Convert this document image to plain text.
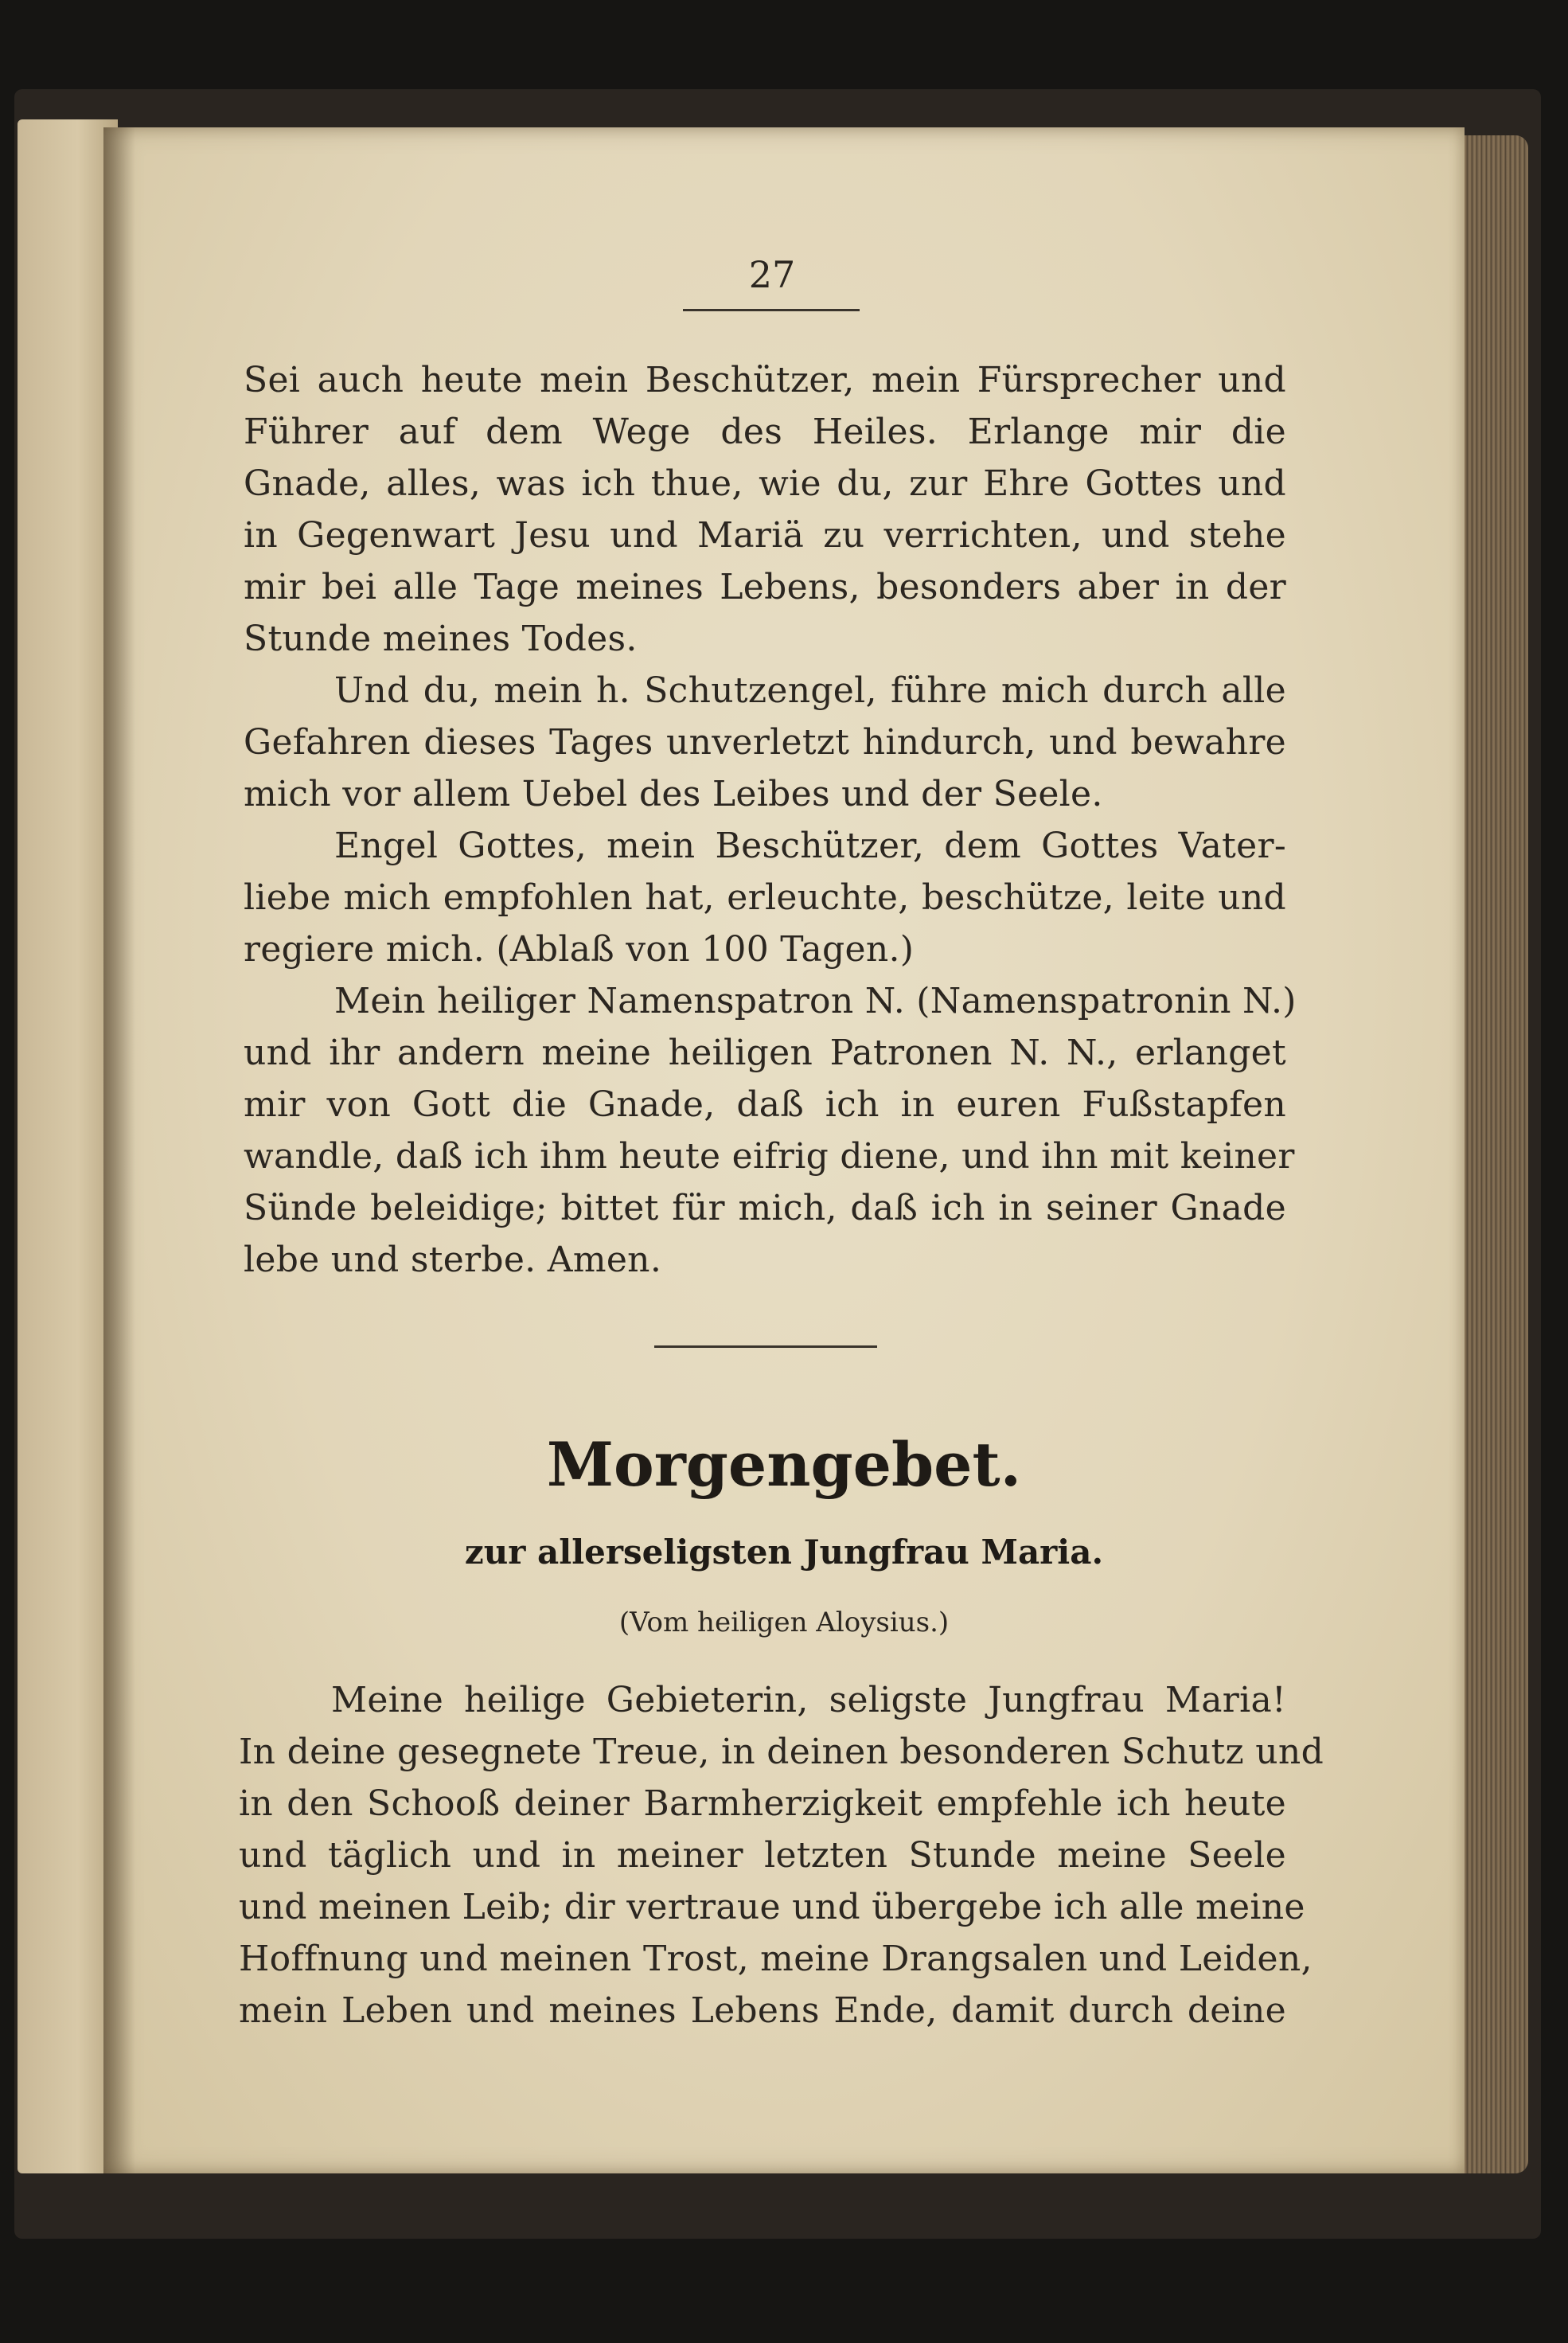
27
Sei auch heute mein Beschützer, mein Fürsprecher und
Führer auf dem Wege des Heiles. Erlange mir die
Gnade, alles, was ich thue, wie du, zur Ehre Gottes und
in Gegenwart Jesu und Mariä zu verrichten, und stehe
mir bei alle Tage meines Lebens, besonders aber in der
Stunde meines Todes.
Und du, mein h. Schutzengel, führe mich durch alle
Gefahren dieses Tages unverletzt hindurch, und bewahre
mich vor allem Uebel des Leibes und der Seele.
Engel Gottes, mein Beschützer, dem Gottes Vater-
liebe mich empfohlen hat, erleuchte, beschütze, leite und
regiere mich. (Ablaß von 100 Tagen.)
Mein heiliger Namenspatron N. (Namenspatronin N.)
und ihr andern meine heiligen Patronen N. N., erlanget
mir von Gott die Gnade, daß ich in euren Fußstapfen
wandle, daß ich ihm heute eifrig diene, und ihn mit keiner
Sünde beleidige; bittet für mich, daß ich in seiner Gnade
lebe und sterbe. Amen.
Morgengebet.
zur allerseligsten Jungfrau Maria.
(Vom heiligen Aloysius.)
Meine heilige Gebieterin, seligste Jungfrau Maria!
In deine gesegnete Treue, in deinen besonderen Schutz und
in den Schooß deiner Barmherzigkeit empfehle ich heute
und täglich und in meiner letzten Stunde meine Seele
und meinen Leib; dir vertraue und übergebe ich alle meine
Hoffnung und meinen Trost, meine Drangsalen und Leiden,
mein Leben und meines Lebens Ende, damit durch deine
